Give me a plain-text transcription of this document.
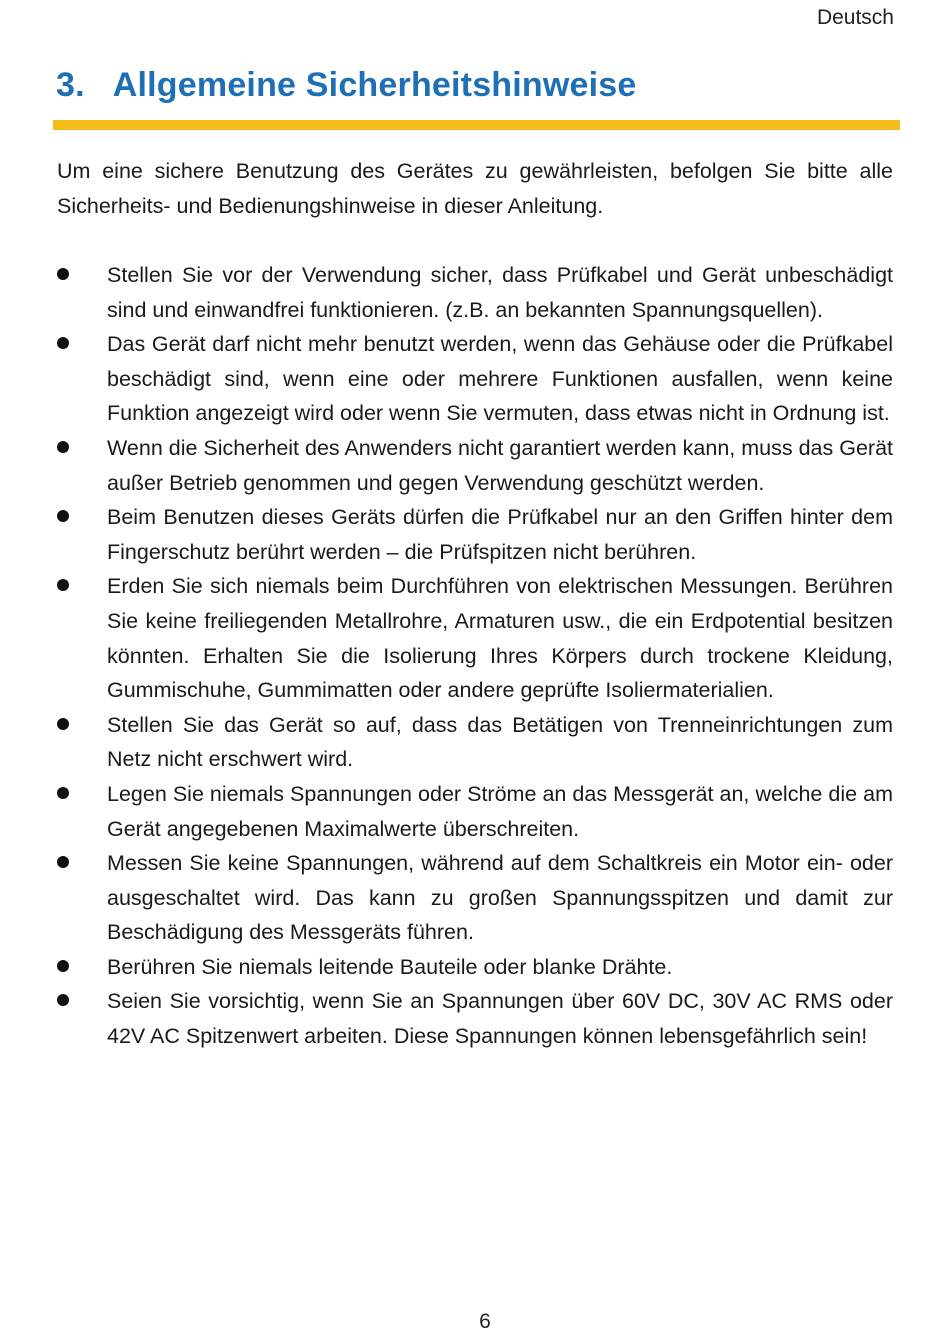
Deutsch
3. Allgemeine Sicherheitshinweise

Um eine sichere Benutzung des Gerätes zu gewährleisten, befolgen Sie bitte alle Sicherheits- und Bedienungshinweise in dieser Anleitung.

Stellen Sie vor der Verwendung sicher, dass Prüfkabel und Gerät unbeschädigt sind und einwandfrei funktionieren. (z.B. an bekannten Spannungsquellen).
Das Gerät darf nicht mehr benutzt werden, wenn das Gehäuse oder die Prüfkabel beschädigt sind, wenn eine oder mehrere Funktionen ausfallen, wenn keine Funktion angezeigt wird oder wenn Sie vermuten, dass etwas nicht in Ordnung ist.
Wenn die Sicherheit des Anwenders nicht garantiert werden kann, muss das Gerät außer Betrieb genommen und gegen Verwendung geschützt werden.
Beim Benutzen dieses Geräts dürfen die Prüfkabel nur an den Griffen hinter dem Fingerschutz berührt werden – die Prüfspitzen nicht berühren.
Erden Sie sich niemals beim Durchführen von elektrischen Messungen. Berühren Sie keine freiliegenden Metallrohre, Armaturen usw., die ein Erdpotential besitzen könnten. Erhalten Sie die Isolierung Ihres Körpers durch trockene Kleidung, Gummischuhe, Gummimatten oder andere geprüfte Isoliermaterialien.
Stellen Sie das Gerät so auf, dass das Betätigen von Trenneinrichtungen zum Netz nicht erschwert wird.
Legen Sie niemals Spannungen oder Ströme an das Messgerät an, welche die am Gerät angegebenen Maximalwerte überschreiten.
Messen Sie keine Spannungen, während auf dem Schaltkreis ein Motor ein- oder ausgeschaltet wird. Das kann zu großen Spannungsspitzen und damit zur Beschädigung des Messgeräts führen.
Berühren Sie niemals leitende Bauteile oder blanke Drähte.
Seien Sie vorsichtig, wenn Sie an Spannungen über 60V DC, 30V AC RMS oder 42V AC Spitzenwert arbeiten. Diese Spannungen können lebensgefährlich sein!
6
